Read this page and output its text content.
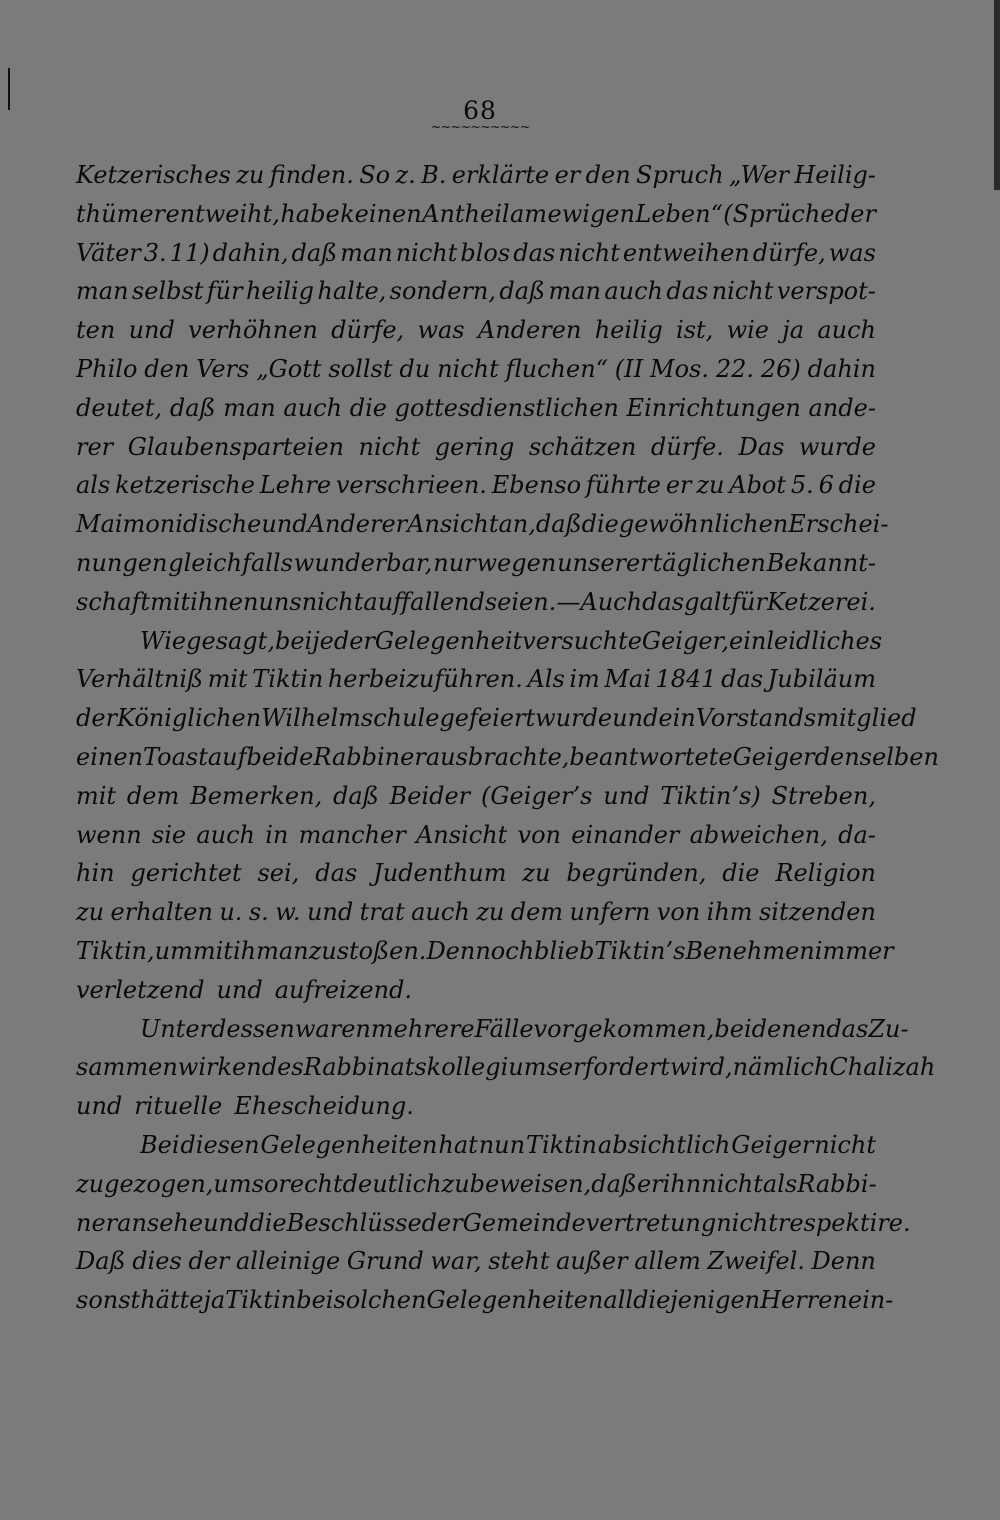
68
~~~~~~~~~~
Ketzerisches zu finden. So z. B. erklärte er den Spruch „Wer Heilig-
thümer entweiht, habe keinen Antheil am ewigen Leben“ (Sprüche der
Väter 3. 11) dahin, daß man nicht blos das nicht entweihen dürfe, was
man selbst für heilig halte, sondern, daß man auch das nicht verspot-
ten und verhöhnen dürfe, was Anderen heilig ist, wie ja auch
Philo den Vers „Gott sollst du nicht fluchen“ (II Mos. 22. 26) dahin
deutet, daß man auch die gottesdienstlichen Einrichtungen ande-
rer Glaubensparteien nicht gering schätzen dürfe. Das wurde
als ketzerische Lehre verschrieen. Ebenso führte er zu Abot 5. 6 die
Maimonidische und Anderer Ansicht an, daß die gewöhnlichen Erschei-
nungen gleichfalls wunderbar, nur wegen unserer täglichen Bekannt-
schaft mit ihnen uns nicht auffallend seien. — Auch das galt für Ketzerei.
Wie gesagt, bei jeder Gelegenheit versuchte Geiger, ein leidliches
Verhältniß mit Tiktin herbeizuführen. Als im Mai 1841 das Jubiläum
der Königlichen Wilhelmschule gefeiert wurde und ein Vorstandsmitglied
einen Toast auf beide Rabbiner ausbrachte, beantwortete Geiger denselben
mit dem Bemerken, daß Beider (Geiger’s und Tiktin’s) Streben,
wenn sie auch in mancher Ansicht von einander abweichen, da-
hin gerichtet sei, das Judenthum zu begründen, die Religion
zu erhalten u. s. w. und trat auch zu dem unfern von ihm sitzenden
Tiktin, um mit ihm anzustoßen. Dennoch blieb Tiktin’s Benehmen immer
verletzend und aufreizend.
Unterdessen waren mehrere Fälle vorgekommen, bei denen das Zu-
sammenwirken des Rabbinatskollegiums erfordert wird, nämlich Chalizah
und rituelle Ehescheidung.
Bei diesen Gelegenheiten hat nun Tiktin absichtlich Geiger nicht
zugezogen, um so recht deutlich zu beweisen, daß er ihn nicht als Rabbi-
ner ansehe und die Beschlüsse der Gemeindevertretung nicht respektire.
Daß dies der alleinige Grund war, steht außer allem Zweifel. Denn
sonst hätte ja Tiktin bei solchen Gelegenheiten all diejenigen Herren ein-
